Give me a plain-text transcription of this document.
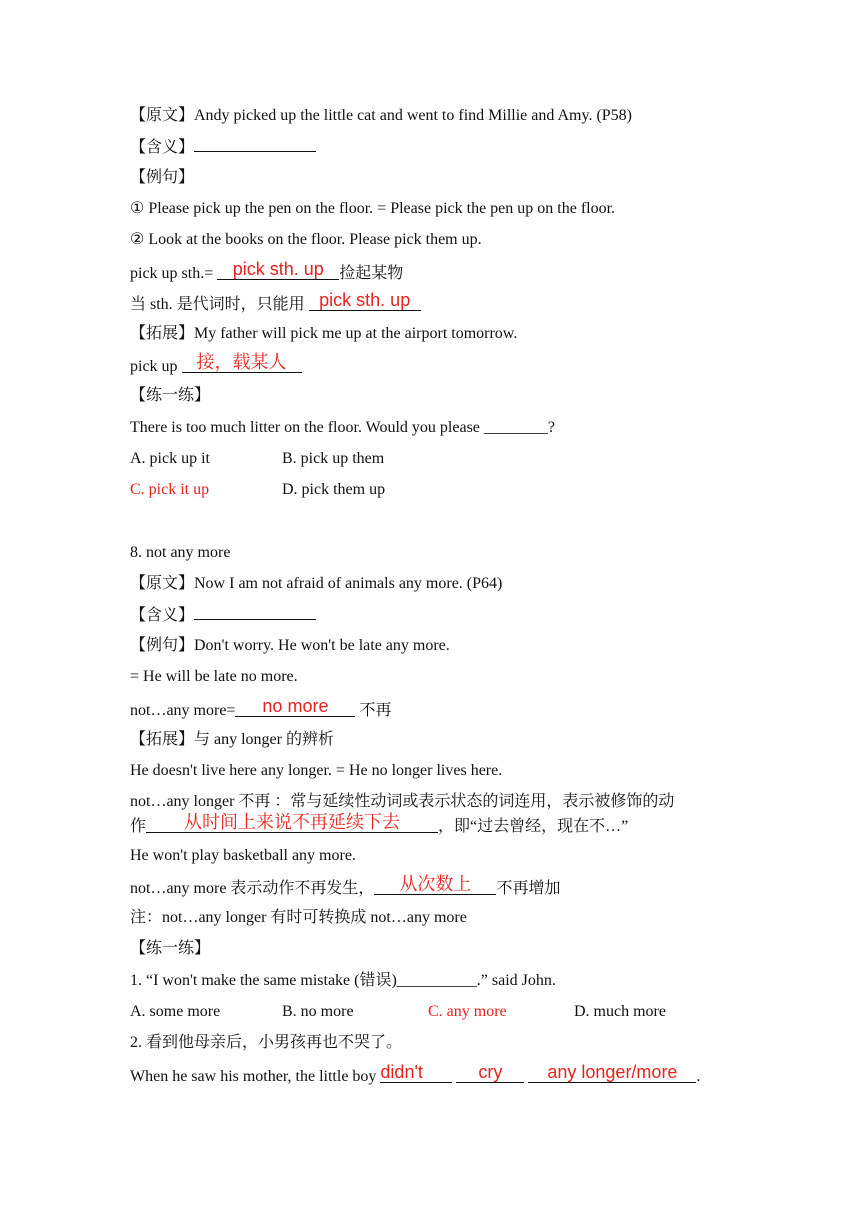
【原文】Andy picked up the little cat and went to find Millie and Amy. (P58)
【含义】
【例句】
① Please pick up the pen on the floor. = Please pick the pen up on the floor.
② Look at the books on the floor. Please pick them up.
pick up sth.= pick sth. up 捡起某物
当 sth. 是代词时，只能用 pick sth. up
【拓展】My father will pick me up at the airport tomorrow.
pick up 接，载某人
【练一练】
There is too much litter on the floor. Would you please ________?
A. pick up it	B. pick up them
C. pick it up	D. pick them up
8. not any more
【原文】Now I am not afraid of animals any more. (P64)
【含义】
【例句】Don't worry. He won't be late any more.
= He will be late no more.
not…any more= no more 不再
【拓展】与 any longer 的辨析
He doesn't live here any longer. = He no longer lives here.
not…any longer 不再 ：常与延续性动词或表示状态的词连用，表示被修饰的动
作 从时间上来说不再延续下去 ，即“过去曾经，现在不…”
He won't play basketball any more.
not…any more 表示动作不再发生， 从次数上 不再增加
注：not…any longer 有时可转换成 not…any more
【练一练】
1. “I won't make the same mistake (错误)__________.” said John.
A. some more	B. no more	C. any more	D. much more
2. 看到他母亲后，小男孩再也不哭了。
When he saw his mother, the little boy didn't	cry any longer/more .
